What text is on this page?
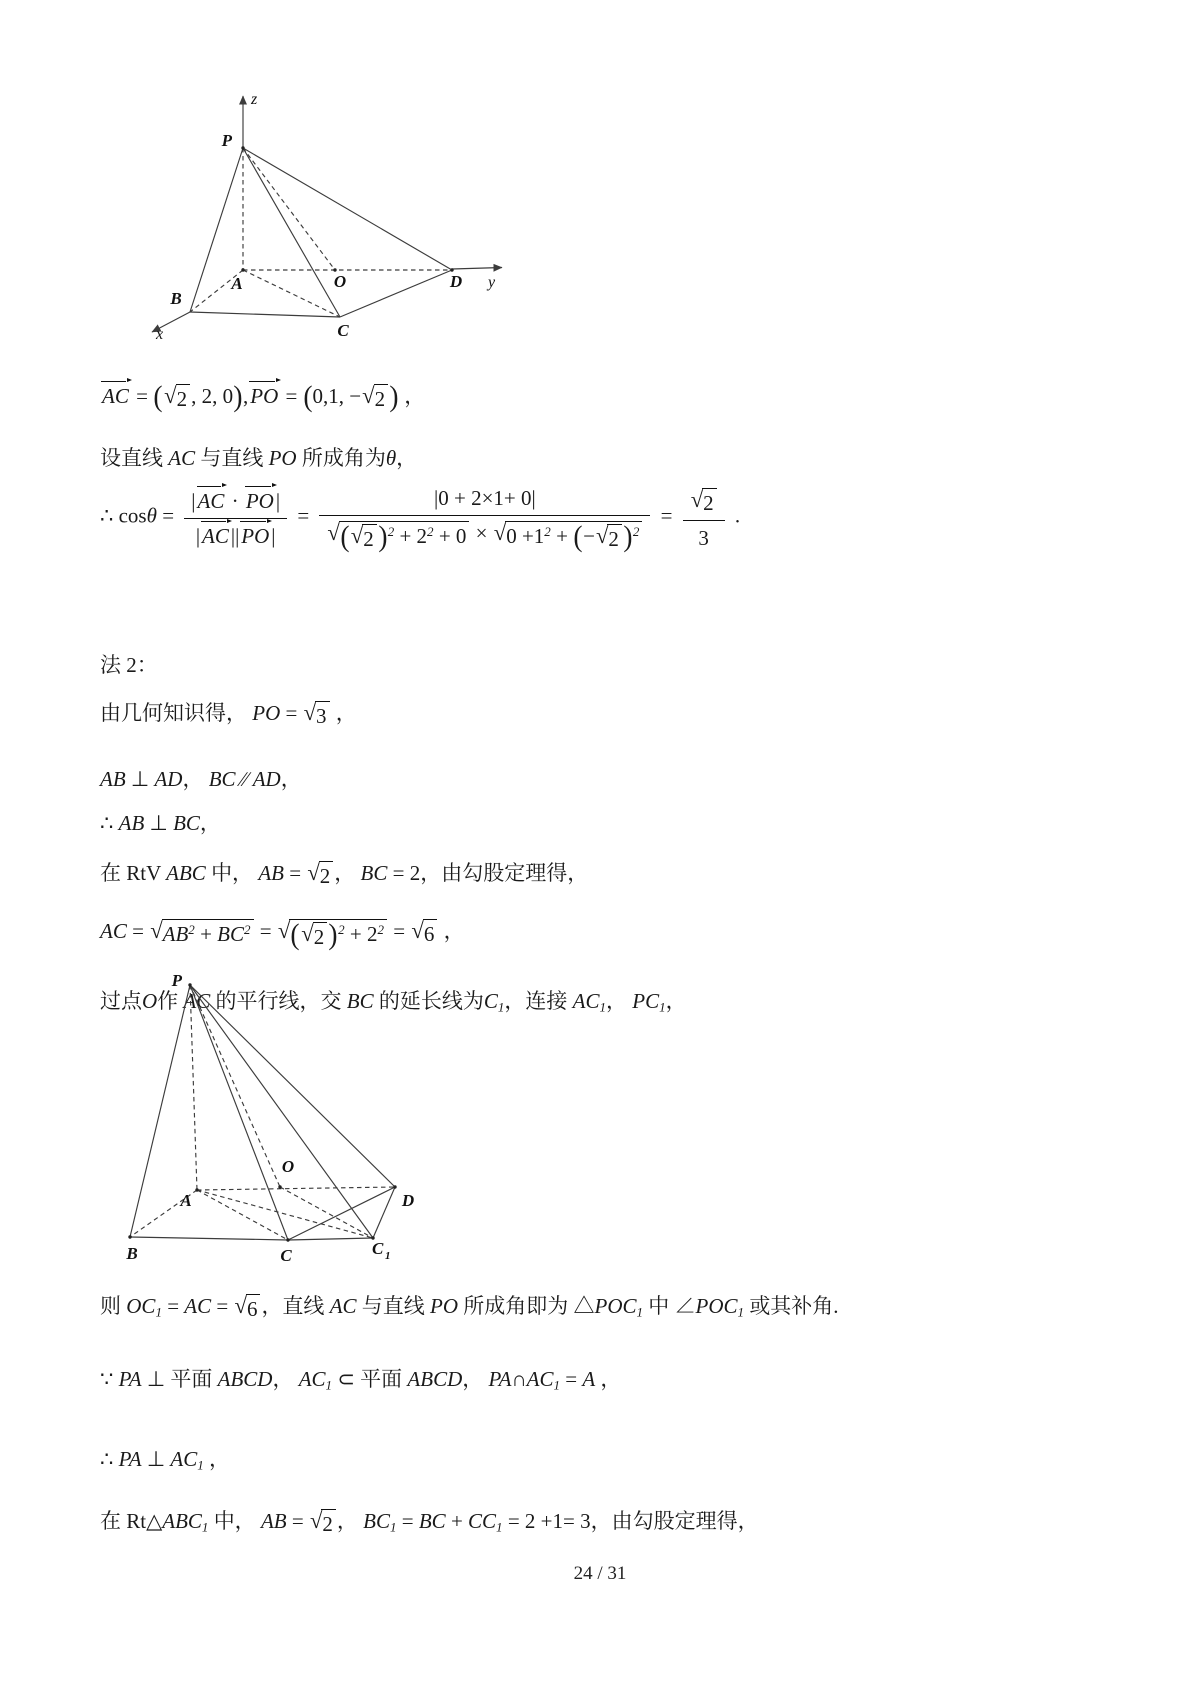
P
z
B
A	O
C
D y
x
AC = ( √ 2 , 2, 0),PO = (0,1, − √ 2 ) ，
设直线 AC 与直线 PO 所成角为θ，
∴ $\cos\theta = \frac{|AC \cdot PO|}{|AC||PO|} = \frac{|0 + 2\times 1+ 0|}{√ ( √ 2 )^2 + 2^2 + 0 \times √ 0 +1^2 + (- √ 2 )^2} = \frac{√ 2}{3}$ .
法 2：
由几何知识得， PO = √ 3 ，
AB ⊥ AD， BC ∕∕ AD，
∴ AB ⊥ BC，
在 RtV ABC 中， AB = √ 2 ， BC = 2，由勾股定理得，
AC = √ $AB^2 + BC^2$ = √ ( √ 2 )$^2 + 2^2$ = √ 6 ，
过点O作 AC 的平行线，交 BC 的延长线为$C_1$，连接 $AC_1$， $PC_1$，
P
B
A
O
C	C 1
D
则 $OC_1$ = AC = √ 6 ，直线 AC 与直线 PO 所成角即为 $\triangle POC_1$ 中 $\angle POC_1$ 或其补角.
∵ PA ⊥ 平面 ABCD， $AC_1$ ⊂ 平面 ABCD， $PA\cap AC_1 = A$ ，
∴ PA ⊥ $AC_1$ ，
在 $Rt\triangle ABC_1$ 中， AB = √ 2 ， $BC_1$ = BC + $CC_1 = 2 +1= 3$，由勾股定理得，
24 / 31
